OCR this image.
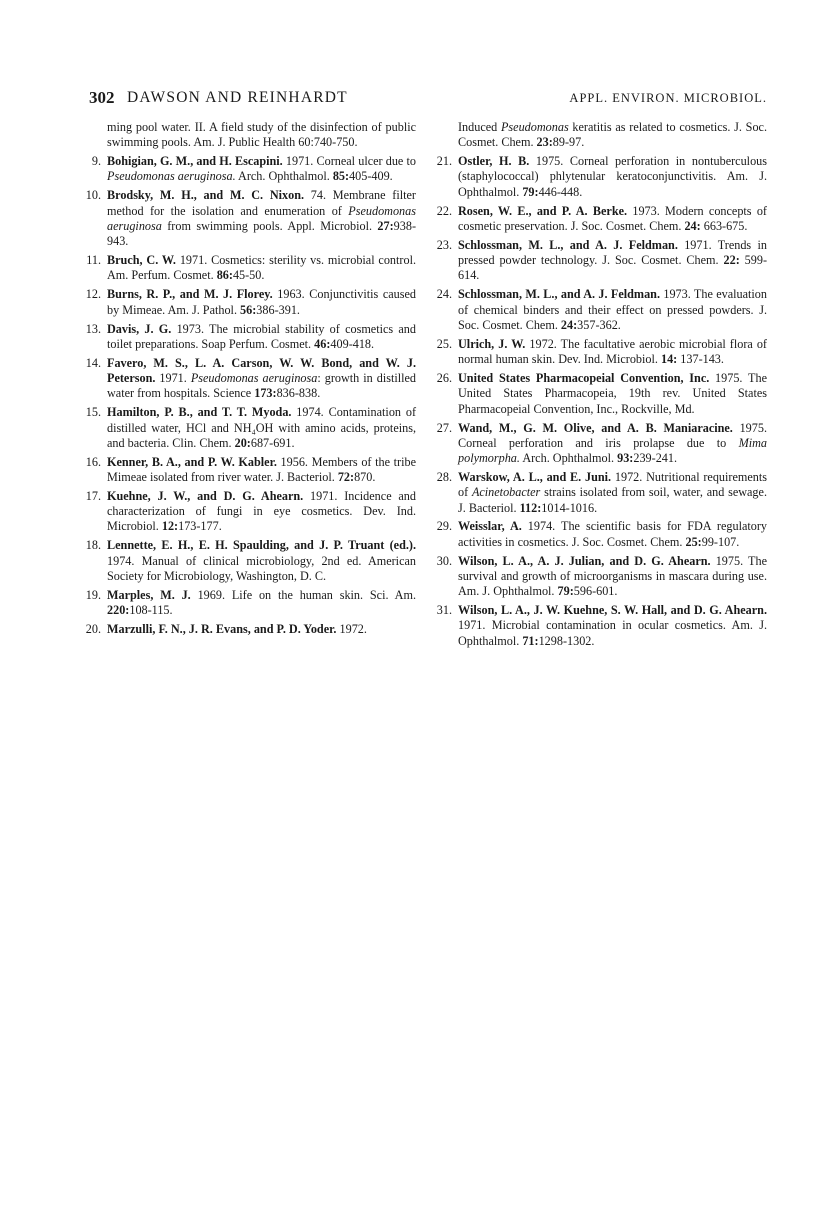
302 DAWSON AND REINHARDT	APPL. ENVIRON. MICROBIOL.
ming pool water. II. A field study of the disinfection of public swimming pools. Am. J. Public Health 60:740-750.
9 . Bohigian, G. M., and H. Escapini. 1971. Corneal ulcer due to Pseudomonas aeruginosa. Arch. Ophthalmol. 85:405-409.
10 . Brodsky, M. H., and M. C. Nixon. 74. Membrane filter method for the isolation and enumeration of Pseudomonas aeruginosa from swimming pools. Appl. Microbiol. 27:938-943.
11 . Bruch, C. W. 1971. Cosmetics: sterility vs. microbial control. Am. Perfum. Cosmet. 86:45-50.
12 . Burns, R. P., and M. J. Florey. 1963. Conjunctivitis caused by Mimeae. Am. J. Pathol. 56:386-391.
13 . Davis, J. G. 1973. The microbial stability of cosmetics and toilet preparations. Soap Perfum. Cosmet. 46:409-418.
14 . Favero, M. S., L. A. Carson, W. W. Bond, and W. J. Peterson. 1971. Pseudomonas aeruginosa: growth in distilled water from hospitals. Science 173:836-838.
15 . Hamilton, P. B., and T. T. Myoda. 1974. Contamination of distilled water, HCl and NH₄OH with amino acids, proteins, and bacteria. Clin. Chem. 20:687-691.
16 . Kenner, B. A., and P. W. Kabler. 1956. Members of the tribe Mimeae isolated from river water. J. Bacteriol. 72:870.
17 . Kuehne, J. W., and D. G. Ahearn. 1971. Incidence and characterization of fungi in eye cosmetics. Dev. Ind. Microbiol. 12:173-177.
18 . Lennette, E. H., E. H. Spaulding, and J. P. Truant (ed.). 1974. Manual of clinical microbiology, 2nd ed. American Society for Microbiology, Washington, D. C.
19 . Marples, M. J. 1969. Life on the human skin. Sci. Am. 220:108-115.
20 . Marzulli, F. N., J. R. Evans, and P. D. Yoder. 1972.
Induced Pseudomonas keratitis as related to cosmetics. J. Soc. Cosmet. Chem. 23:89-97.
21 . Ostler, H. B. 1975. Corneal perforation in nontuberculous (staphylococcal) phlytenular keratoconjunctivitis. Am. J. Ophthalmol. 79:446-448.
22 . Rosen, W. E., and P. A. Berke. 1973. Modern concepts of cosmetic preservation. J. Soc. Cosmet. Chem. 24: 663-675.
23 . Schlossman, M. L., and A. J. Feldman. 1971. Trends in pressed powder technology. J. Soc. Cosmet. Chem. 22: 599-614.
24 . Schlossman, M. L., and A. J. Feldman. 1973. The evaluation of chemical binders and their effect on pressed powders. J. Soc. Cosmet. Chem. 24:357-362.
25 . Ulrich, J. W. 1972. The facultative aerobic microbial flora of normal human skin. Dev. Ind. Microbiol. 14: 137-143.
26 . United States Pharmacopeial Convention, Inc. 1975. The United States Pharmacopeia, 19th rev. United States Pharmacopeial Convention, Inc., Rockville, Md.
27 . Wand, M., G. M. Olive, and A. B. Maniaracine. 1975. Corneal perforation and iris prolapse due to Mima polymorpha. Arch. Ophthalmol. 93:239-241.
28 . Warskow, A. L., and E. Juni. 1972. Nutritional requirements of Acinetobacter strains isolated from soil, water, and sewage. J. Bacteriol. 112:1014-1016.
29 . Weisslar, A. 1974. The scientific basis for FDA regulatory activities in cosmetics. J. Soc. Cosmet. Chem. 25:99-107.
30 . Wilson, L. A., A. J. Julian, and D. G. Ahearn. 1975. The survival and growth of microorganisms in mascara during use. Am. J. Ophthalmol. 79:596-601.
31 . Wilson, L. A., J. W. Kuehne, S. W. Hall, and D. G. Ahearn. 1971. Microbial contamination in ocular cosmetics. Am. J. Ophthalmol. 71:1298-1302.
